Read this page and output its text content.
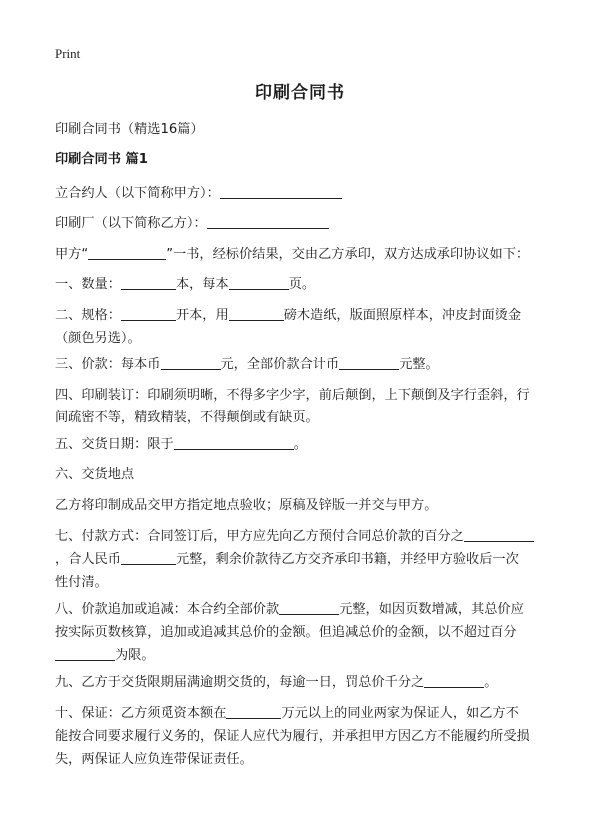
Print
印刷合同书
印刷合同书（精选16篇）
印刷合同书 篇1
立合约人（以下简称甲方）：
印刷厂（以下简称乙方）：
甲方“	”一书，经标价结果，交由乙方承印，双方达成承印协议如下：
一、数量：	本，每本	页。
二、规格：	开本，用	磅木造纸，版面照原样本，冲皮封面烫金
（颜色另选）。
三、价款：每本币	元，全部价款合计币	元整。
四、印刷装订：印刷须明晰，不得多字少字，前后颠倒，上下颠倒及字行歪斜，行
间疏密不等，精致精装，不得颠倒或有缺页。
五、交货日期：限于	。
六、交货地点
乙方将印制成品交甲方指定地点验收；原稿及锌版一并交与甲方。
七、付款方式：合同签订后，甲方应先向乙方预付合同总价款的百分之
，合人民币	元整，剩余价款待乙方交齐承印书籍，并经甲方验收后一次
性付清。
八、价款追加或追减：本合约全部价款	元整，如因页数增减，其总价应
按实际页数核算，追加或追减其总价的金额。但追减总价的金额，以不超过百分
为限。
九、乙方于交货限期届满逾期交货的，每逾一日，罚总价千分之	。
十、保证：乙方须觅资本额在	万元以上的同业两家为保证人，如乙方不
能按合同要求履行义务的，保证人应代为履行，并承担甲方因乙方不能履约所受损
失，两保证人应负连带保证责任。
